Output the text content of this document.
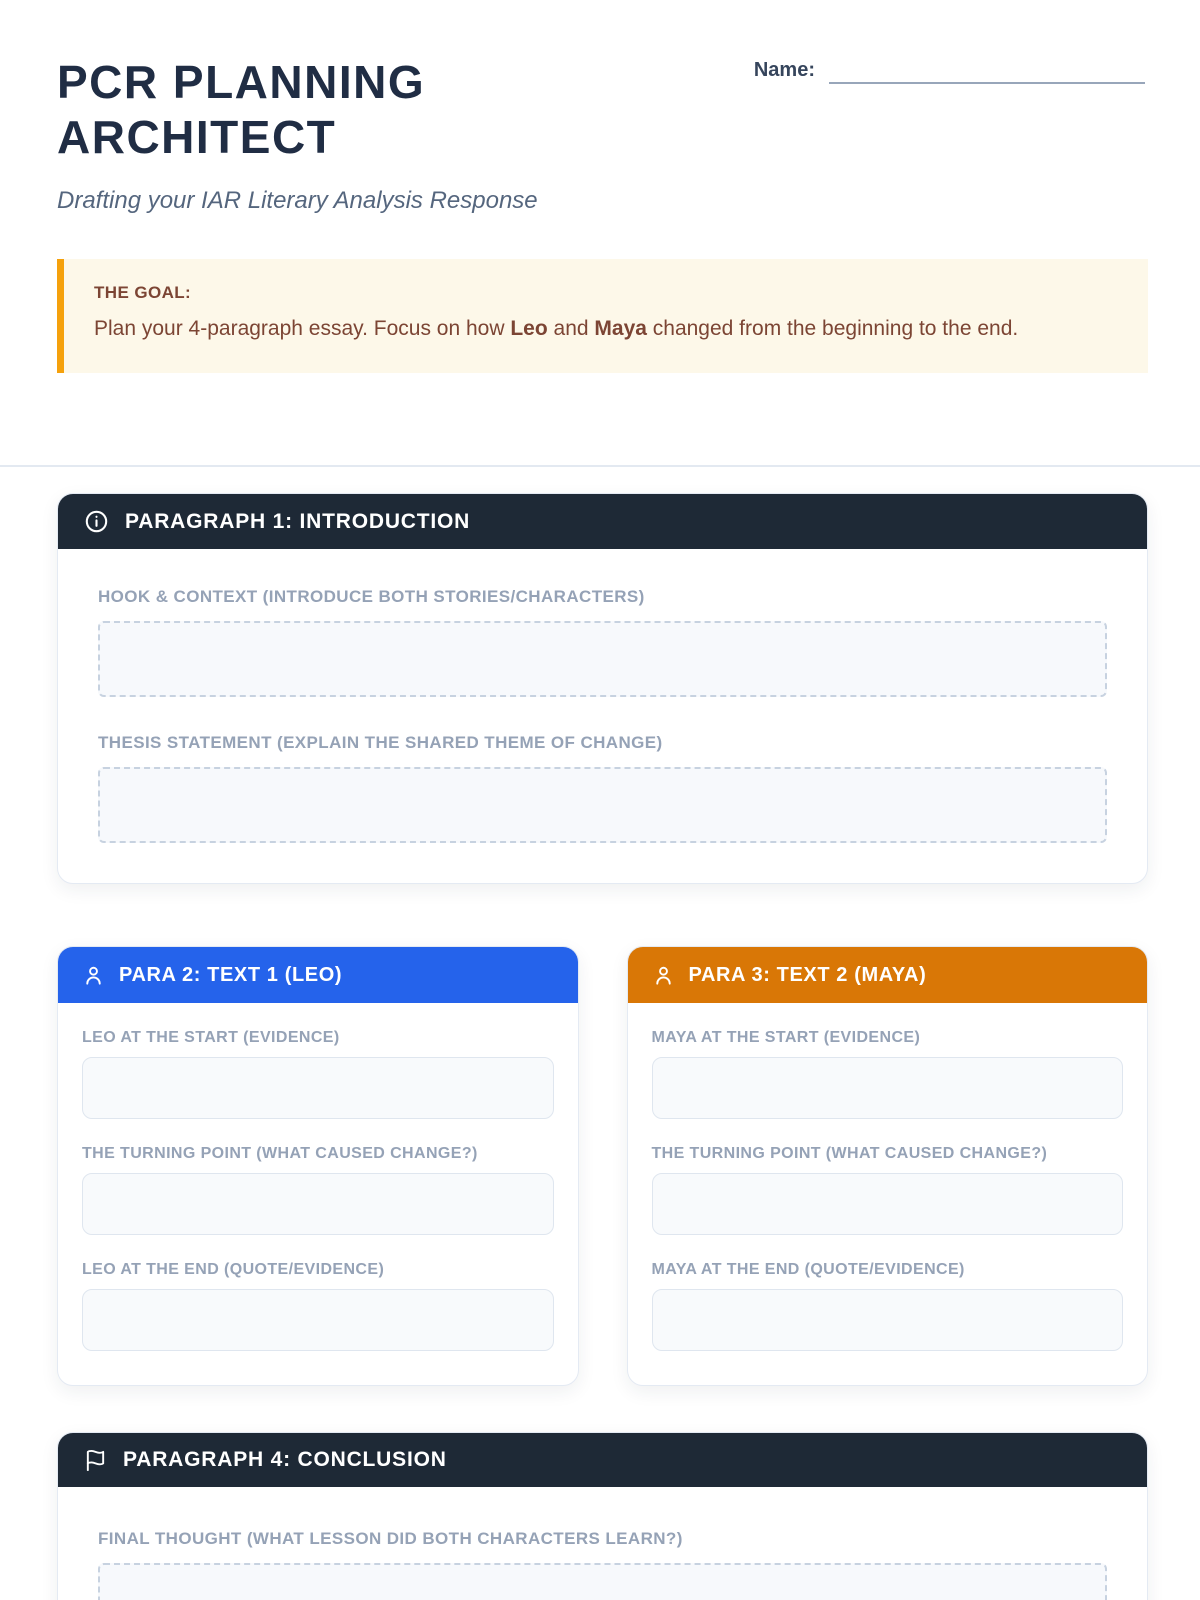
PCR PLANNING ARCHITECT
Name:
Drafting your IAR Literary Analysis Response
THE GOAL:
Plan your 4-paragraph essay. Focus on how Leo and Maya changed from the beginning to the end.
PARAGRAPH 1: INTRODUCTION
HOOK & CONTEXT (INTRODUCE BOTH STORIES/CHARACTERS)
THESIS STATEMENT (EXPLAIN THE SHARED THEME OF CHANGE)
PARA 2: TEXT 1 (LEO)
LEO AT THE START (EVIDENCE)
THE TURNING POINT (WHAT CAUSED CHANGE?)
LEO AT THE END (QUOTE/EVIDENCE)
PARA 3: TEXT 2 (MAYA)
MAYA AT THE START (EVIDENCE)
THE TURNING POINT (WHAT CAUSED CHANGE?)
MAYA AT THE END (QUOTE/EVIDENCE)
PARAGRAPH 4: CONCLUSION
FINAL THOUGHT (WHAT LESSON DID BOTH CHARACTERS LEARN?)
